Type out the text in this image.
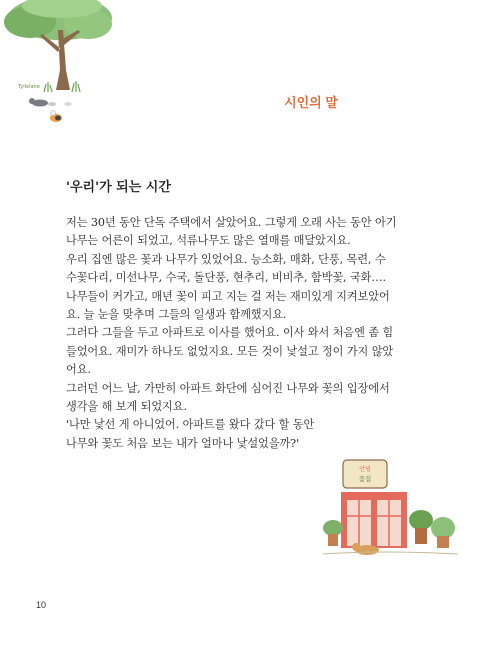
Tyllelane
시인의 말
'우리'가 되는 시간
저는 30년 동안 단독 주택에서 살았어요. 그렇게 오래 사는 동안 아기
나무는 어른이 되었고, 석류나무도 많은 열매를 매달았지요.
우리 집엔 많은 꽃과 나무가 있었어요. 능소화, 매화, 단풍, 목련, 수
수꽃다리, 미선나무, 수국, 돌단풍, 현추리, 비비추, 함박꽃, 국화….
나무들이 커가고, 매년 꽃이 피고 지는 걸 저는 재미있게 지켜보았어
요. 늘 눈을 맞추며 그들의 일생과 함께했지요.
그러다 그들을 두고 아파트로 이사를 했어요. 이사 와서 처음엔 좀 힘
들었어요. 재미가 하나도 없었지요. 모든 것이 낯설고 정이 가지 않았
어요.
그러던 어느 날, 가만히 아파트 화단에 심어진 나무와 꽃의 입장에서
생각을 해 보게 되었지요.
'나만 낯선 게 아니었어. 아파트를 왔다 갔다 할 동안
나무와 꽃도 처음 보는 내가 얼마나 낯설었을까?'
안녕
꽃집
10
